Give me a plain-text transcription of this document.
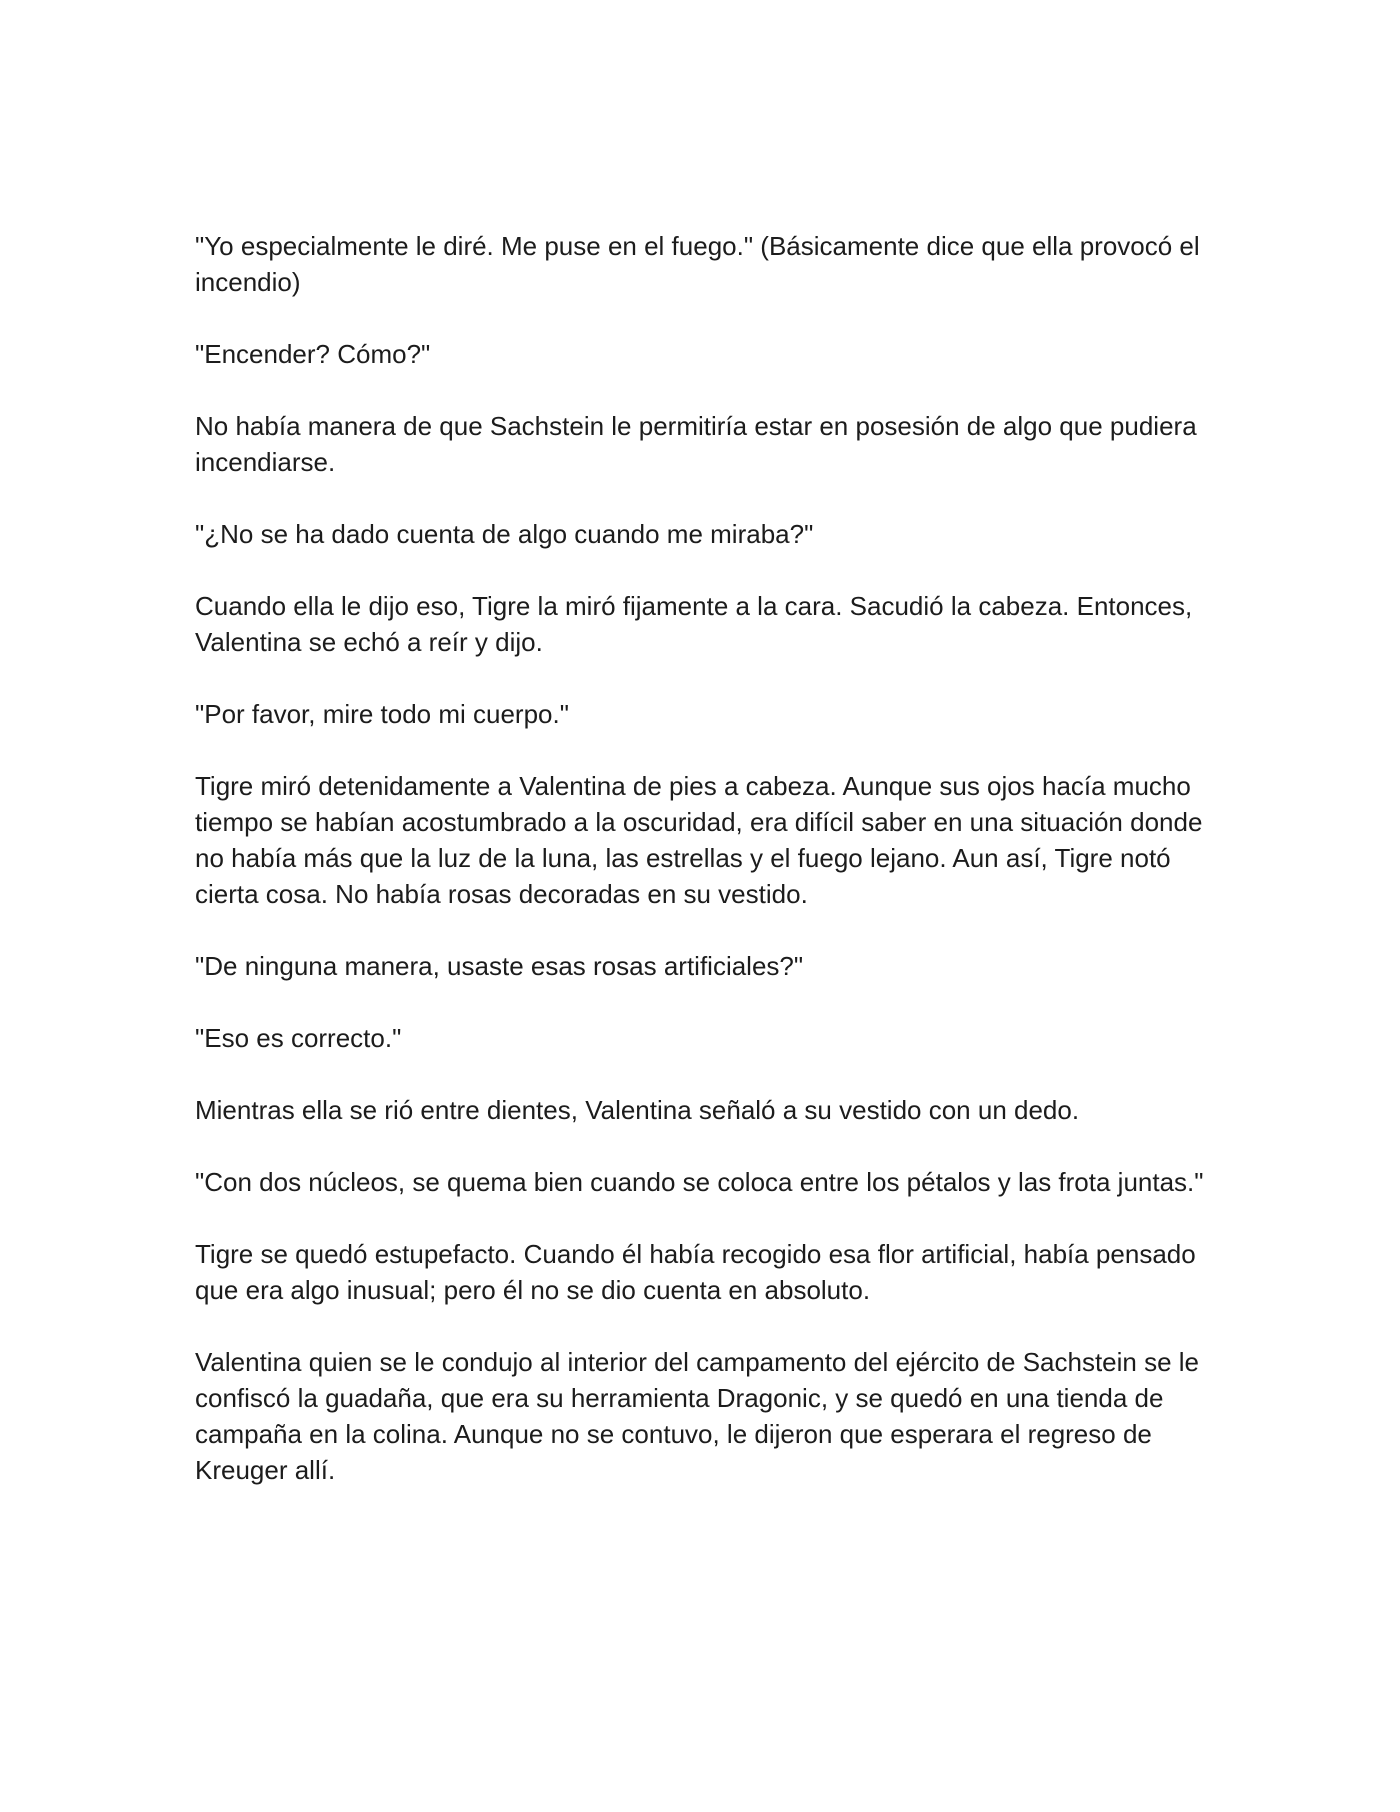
"Yo especialmente le diré. Me puse en el fuego." (Básicamente dice que ella provocó el incendio)

"Encender? Cómo?"

No había manera de que Sachstein le permitiría estar en posesión de algo que pudiera incendiarse.

"¿No se ha dado cuenta de algo cuando me miraba?"

Cuando ella le dijo eso, Tigre la miró fijamente a la cara. Sacudió la cabeza. Entonces, Valentina se echó a reír y dijo.

"Por favor, mire todo mi cuerpo."

Tigre miró detenidamente a Valentina de pies a cabeza. Aunque sus ojos hacía mucho tiempo se habían acostumbrado a la oscuridad, era difícil saber en una situación donde no había más que la luz de la luna, las estrellas y el fuego lejano. Aun así, Tigre notó cierta cosa. No había rosas decoradas en su vestido.

"De ninguna manera, usaste esas rosas artificiales?"

"Eso es correcto."

Mientras ella se rió entre dientes, Valentina señaló a su vestido con un dedo.

"Con dos núcleos, se quema bien cuando se coloca entre los pétalos y las frota juntas."

Tigre se quedó estupefacto. Cuando él había recogido esa flor artificial, había pensado que era algo inusual; pero él no se dio cuenta en absoluto.

Valentina quien se le condujo al interior del campamento del ejército de Sachstein se le confiscó la guadaña, que era su herramienta Dragonic, y se quedó en una tienda de campaña en la colina. Aunque no se contuvo, le dijeron que esperara el regreso de Kreuger allí.
